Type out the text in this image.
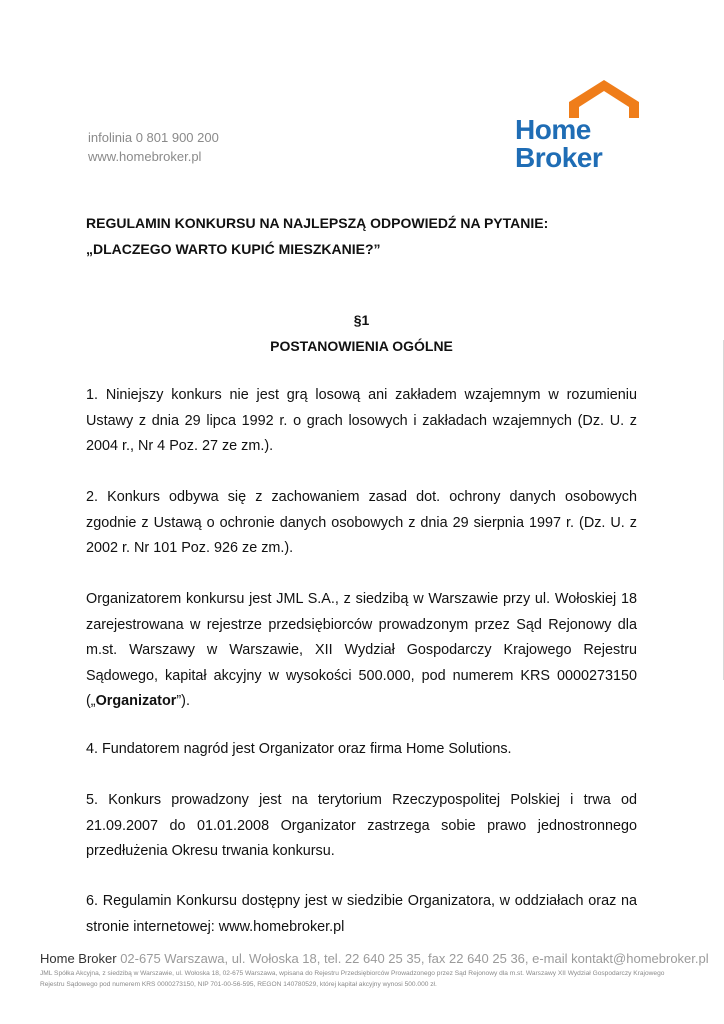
infolinia 0 801 900 200
www.homebroker.pl
Home
Broker
REGULAMIN KONKURSU NA NAJLEPSZĄ ODPOWIEDŹ NA PYTANIE:
„DLACZEGO WARTO KUPIĆ MIESZKANIE?”
§1
POSTANOWIENIA OGÓLNE
1. Niniejszy konkurs nie jest grą losową ani zakładem wzajemnym w rozumieniu Ustawy z dnia 29 lipca 1992 r. o grach losowych i zakładach wzajemnych (Dz. U. z 2004 r., Nr 4 Poz. 27 ze zm.).
2. Konkurs odbywa się z zachowaniem zasad dot. ochrony danych osobowych zgodnie z Ustawą o ochronie danych osobowych z dnia 29 sierpnia 1997 r. (Dz. U. z 2002 r. Nr 101 Poz. 926 ze zm.).
Organizatorem konkursu jest JML S.A., z siedzibą w Warszawie przy ul. Wołoskiej 18 zarejestrowana w rejestrze przedsiębiorców prowadzonym przez Sąd Rejonowy dla m.st. Warszawy w Warszawie, XII Wydział Gospodarczy Krajowego Rejestru Sądowego, kapitał akcyjny w wysokości 500.000, pod numerem KRS 0000273150 („Organizator”).
4. Fundatorem nagród jest Organizator oraz firma Home Solutions.
5. Konkurs prowadzony jest na terytorium Rzeczypospolitej Polskiej i trwa od 21.09.2007 do 01.01.2008 Organizator zastrzega sobie prawo jednostronnego przedłużenia Okresu trwania konkursu.
6. Regulamin Konkursu dostępny jest w siedzibie Organizatora, w oddziałach oraz na stronie internetowej: www.homebroker.pl
Home Broker 02-675 Warszawa, ul. Wołoska 18, tel. 22 640 25 35, fax 22 640 25 36, e-mail kontakt@homebroker.pl
JML Spółka Akcyjna, z siedzibą w Warszawie, ul. Wołoska 18, 02-675 Warszawa, wpisana do Rejestru Przedsiębiorców Prowadzonego przez Sąd Rejonowy dla m.st. Warszawy XII Wydział Gospodarczy Krajowego Rejestru Sądowego pod numerem KRS 0000273150, NIP 701-00-56-595, REGON 140780529, której kapitał akcyjny wynosi 500.000 zł.
